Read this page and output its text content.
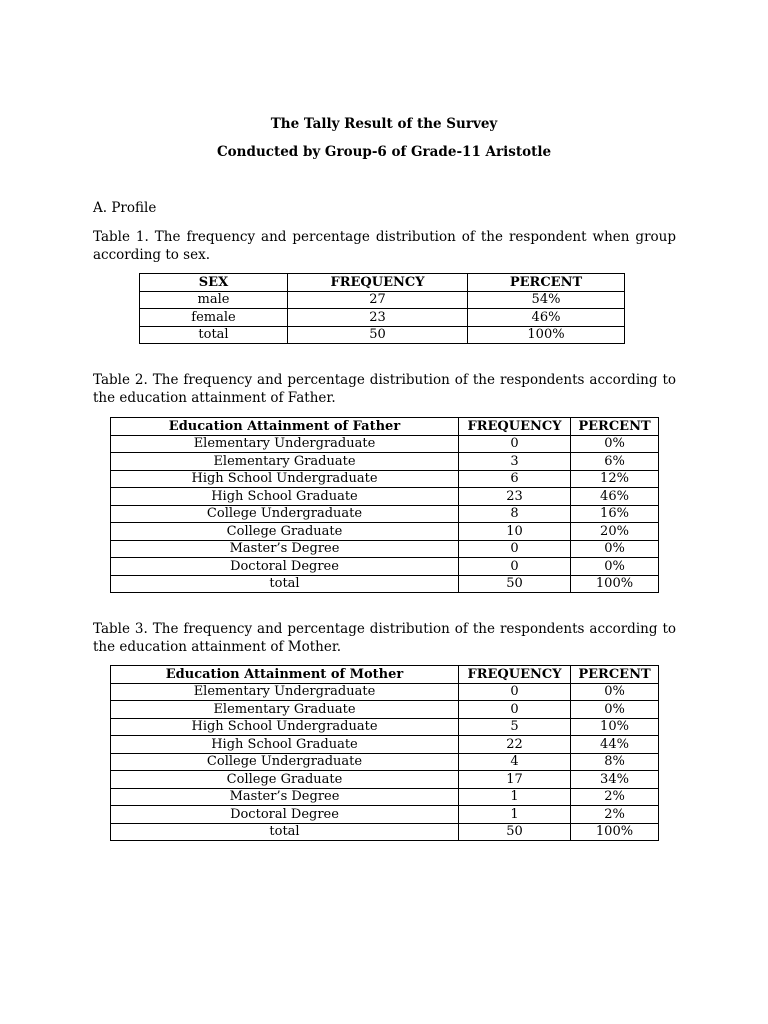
The Tally Result of the Survey
Conducted by Group-6 of Grade-11 Aristotle
A. Profile
Table 1. The frequency and percentage distribution of the respondent when group according to sex.
SEX	FREQUENCY	PERCENT
male	27	54%
female	23	46%
total	50	100%
Table 2. The frequency and percentage distribution of the respondents according to the education attainment of Father.
Education Attainment of Father	FREQUENCY	PERCENT
Elementary Undergraduate	0	0%
Elementary Graduate	3	6%
High School Undergraduate	6	12%
High School Graduate	23	46%
College Undergraduate	8	16%
College Graduate	10	20%
Master’s Degree	0	0%
Doctoral Degree	0	0%
total	50	100%
Table 3. The frequency and percentage distribution of the respondents according to the education attainment of Mother.
Education Attainment of Mother	FREQUENCY	PERCENT
Elementary Undergraduate	0	0%
Elementary Graduate	0	0%
High School Undergraduate	5	10%
High School Graduate	22	44%
College Undergraduate	4	8%
College Graduate	17	34%
Master’s Degree	1	2%
Doctoral Degree	1	2%
total	50	100%
